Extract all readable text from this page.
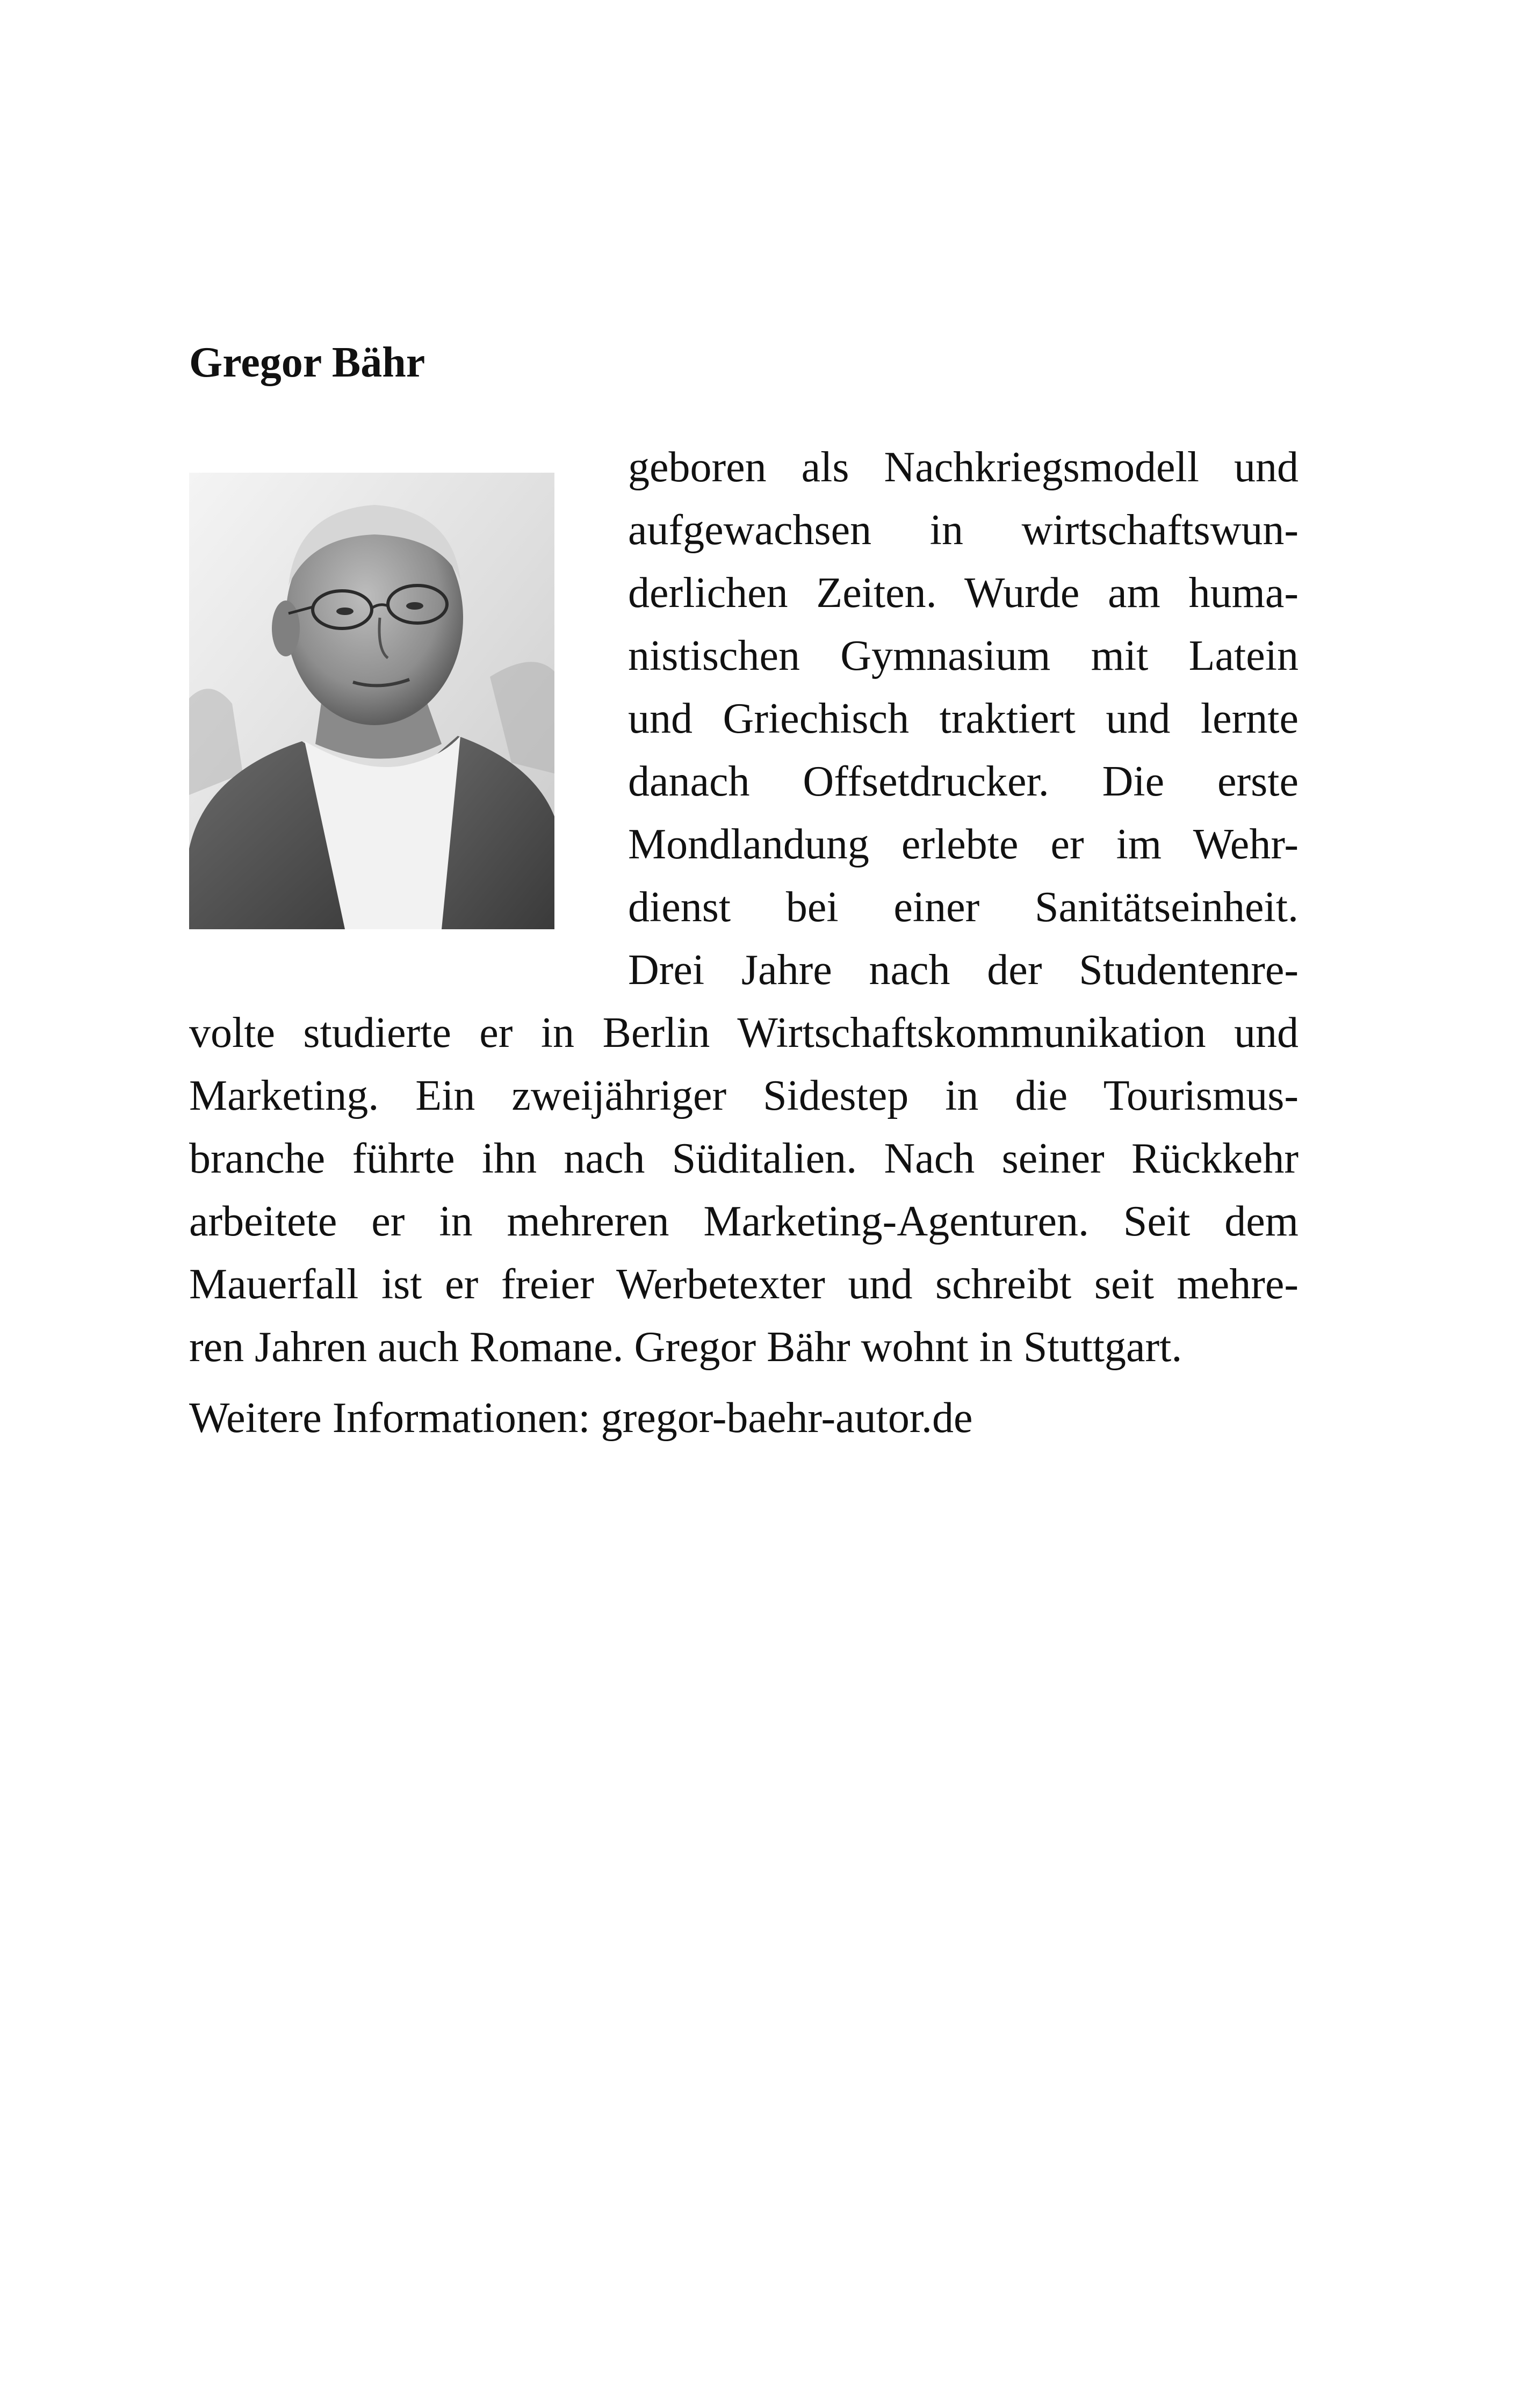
Gregor Bähr

geboren als Nachkriegsmodell und

aufgewachsen in wirtschaftswun-

derlichen Zeiten. Wurde am huma-

nistischen Gymnasium mit Latein

und Griechisch traktiert und lernte

danach Offsetdrucker. Die erste

Mondlandung erlebte er im Wehr-

dienst bei einer Sanitätseinheit.

Drei Jahre nach der Studentenre-

volte studierte er in Berlin Wirtschaftskommunikation und

Marketing. Ein zweijähriger Sidestep in die Tourismus-

branche führte ihn nach Süditalien. Nach seiner Rückkehr

arbeitete er in mehreren Marketing-Agenturen. Seit dem

Mauerfall ist er freier Werbetexter und schreibt seit mehre-

ren Jahren auch Romane. Gregor Bähr wohnt in Stuttgart.

Weitere Informationen: gregor-baehr-autor.de
